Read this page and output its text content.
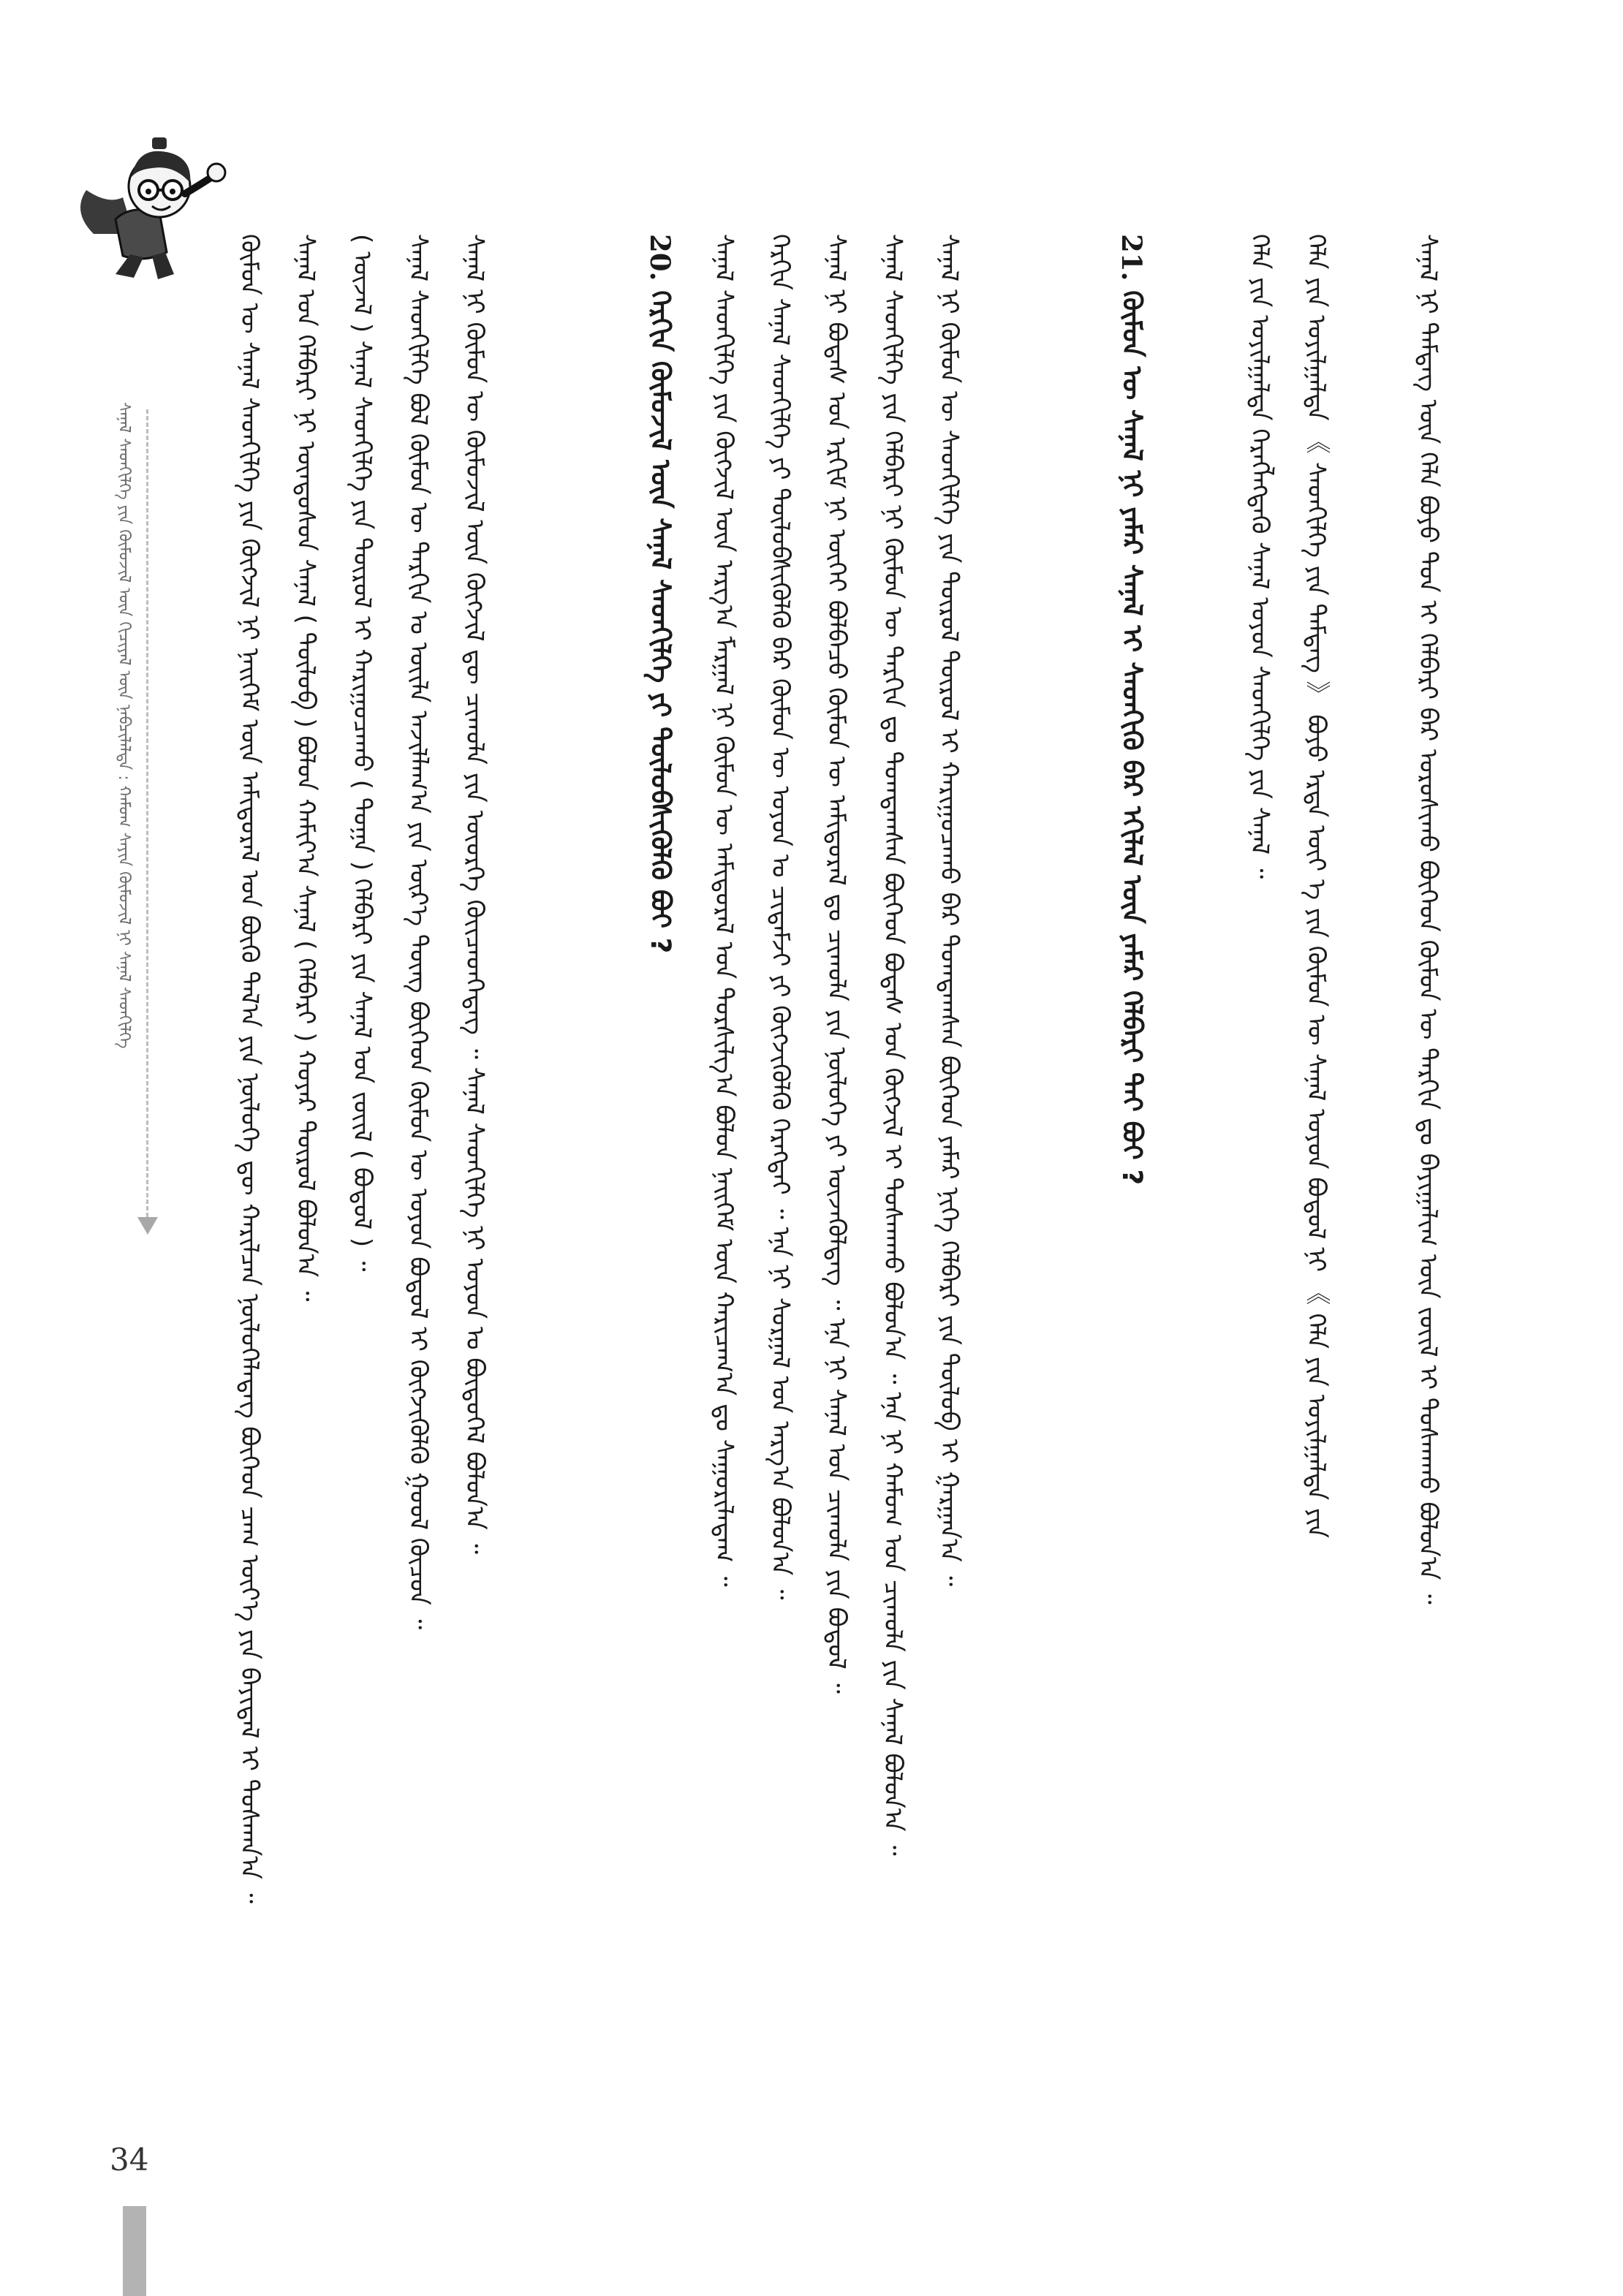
34
ᠰᠠᠨᠠᠯ ᠰᠡᠳᠬᠢᠯᠭᠡ ᠶᠢᠨ ᠬᠦᠮᠦᠵᠢᠯ ᠦᠨ ᠬᠢᠴᠢᠶᠡᠯ ᠦᠨ ᠨᠠᠪᠴᠢᠯᠠᠯᠲᠠ : ᠬᠠᠮᠤᠭ ᠰᠠᠶᠢᠨ ᠬᠦᠮᠦᠵᠢᠯ ᠨᠢ ᠰᠠᠨᠠᠯ ᠰᠡᠳᠬᠢᠯᠭᠡ	ᠬᠦᠮᠦᠨ ᠦ ᠰᠠᠨᠠᠯ ᠰᠡᠳᠬᠢᠯᠭᠡ ᠶᠢᠨ ᠬᠥᠭᠵᠢᠯ ᠨᠢ ᠨᠡᠢᠭᠡᠮ ᠦᠨ ᠠᠮᠢᠳᠤᠷᠠᠯ ᠤᠨ ᠪᠦᠬᠦ ᠲᠠᠯ᠎ᠠ ᠶᠢᠨ ᠨᠥᠯᠥᠭᠡ ᠳᠦ ᠬᠠᠷᠢᠯᠴᠠᠨ ᠨᠥᠯᠥᠭᠡᠯᠡᠳᠡᠭ ᠪᠥᠭᠡᠳ ᠴᠠᠭ ᠦᠶ᠎ᠡ ᠶᠢᠨ ᠪᠠᠶᠢᠳᠠᠯ ᠢ ᠲᠤᠰᠬᠠᠨ᠎ᠠ ᠃ ᠰᠠᠨᠠᠯ ᠤᠨ ᠬᠡᠯᠪᠡᠷᠢ ᠨᠢ ᠦᠨᠳᠦᠰᠦᠨ ᠰᠠᠨᠠᠯ ( ᠲᠥᠯᠥᠪ ) ᠪᠣᠯᠤᠨ ᠬᠠᠮᠢᠶ᠎ᠠ ᠰᠠᠨᠠᠯ ( ᠬᠡᠯᠪᠡᠷᠢ ) ᠬᠣᠶᠠᠷ ᠲᠥᠷᠥᠯ ᠪᠣᠯᠣᠨ᠎ᠠ ᠃ ( ᠦᠵᠡᠯ ) ᠰᠠᠨᠠᠯ ᠰᠡᠳᠬᠢᠯᠭᠡ ᠶᠢᠨ ᠲᠥᠷᠥᠯ ᠢ ᠬᠠᠷᠢᠭᠤᠴᠠᠬᠤ ( ᠲᠣᠭᠠ ) ᠬᠡᠯᠪᠡᠷᠢ ᠶᠢᠨ ᠰᠠᠨᠠᠯ ᠤᠨ ᠵᠦᠢᠯ ( ᠪᠣᠳᠣᠯ ) ᠃ ᠰᠠᠨᠠᠯ ᠰᠡᠳᠬᠢᠯᠭᠡ ᠪᠣᠯ ᠬᠦᠮᠦᠨ ᠦ ᠲᠠᠷᠬᠢᠨ ᠤ ᠦᠢᠯᠡ ᠠᠵᠢᠯᠯᠠᠭ᠎ᠠ ᠶᠢᠨ ᠦᠷ᠎ᠡ ᠳᠦᠩ ᠪᠥᠭᠡᠳ ᠬᠦᠮᠦᠨ ᠦ ᠣᠶᠤᠨ ᠪᠣᠳᠣᠯ ᠢ ᠬᠥᠭᠵᠢᠭᠦᠯᠬᠦ ᠭᠣᠣᠯ ᠬᠦᠴᠦᠨ ᠃ ᠰᠠᠨᠠᠯ ᠨᠢ ᠬᠦᠮᠦᠨ ᠦ ᠬᠦᠮᠦᠵᠢᠯ ᠦᠨ ᠬᠥᠭᠵᠢᠯ ᠳᠦ ᠴᠢᠬᠤᠯᠠ ᠶᠢᠨ ᠦᠦᠷᠭᠡ ᠭᠦᠢᠴᠡᠳᠭᠡᠳᠡᠭ ᠃ ᠰᠠᠨᠠᠯ ᠰᠡᠳᠬᠢᠯᠭᠡ ᠨᠢ ᠣᠶᠤᠨ ᠤ ᠪᠦᠲᠦᠭᠡᠯ ᠪᠣᠯᠣᠨ᠎ᠠ ᠃	20. ᠬᠡᠷᠬᠢᠨ ᠬᠦᠮᠦᠵᠢᠯ ᠦᠨ ᠰᠠᠨᠠᠯ ᠰᠡᠳᠬᠢᠯᠭᠡ ᠶᠢ ᠲᠥᠯᠥᠪᠰᠢᠭᠦᠯᠬᠦ ᠪᠤᠢ ? ᠰᠠᠨᠠᠯ ᠰᠡᠳᠬᠢᠯᠭᠡ ᠶᠢᠨ ᠬᠥᠭᠵᠢᠯ ᠦᠨ ᠠᠷᠭ᠎ᠠ ᠮᠠᠷᠭᠠᠯ ᠨᠢ ᠬᠦᠮᠦᠨ ᠦ ᠠᠮᠢᠳᠤᠷᠠᠯ ᠤᠨ ᠲᠤᠷᠰᠢᠯᠭ᠎ᠠ ᠪᠣᠯᠤᠨ ᠨᠡᠢᠭᠡᠮ ᠦᠨ ᠬᠠᠷᠢᠴᠠᠭ᠎ᠠ ᠳᠤ ᠰᠠᠭᠤᠷᠢᠯᠠᠳᠠᠭ ᠃ ᠬᠡᠷᠬᠢᠨ ᠰᠠᠨᠠᠯ ᠰᠡᠳᠬᠢᠯᠭᠡ ᠶᠢ ᠲᠥᠯᠥᠪᠰᠢᠭᠦᠯᠬᠦ ᠪᠡᠷ ᠬᠦᠮᠦᠨ ᠦ ᠣᠶᠤᠨ ᠤ ᠴᠢᠳᠠᠮᠵᠢ ᠶᠢ ᠬᠥᠭᠵᠢᠭᠦᠯᠬᠦ ᠬᠡᠷᠡᠭᠲᠡᠢ ᠃ ᠡᠨᠡ ᠨᠢ ᠰᠤᠷᠭᠠᠯ ᠤᠨ ᠠᠷᠭ᠎ᠠ ᠪᠣᠯᠣᠨ᠎ᠠ ᠃ ᠰᠠᠨᠠᠯ ᠨᠢ ᠪᠣᠳᠠᠰ ᠤᠨ ᠡᠷᠬᠢᠮ ᠨᠢ ᠦᠭᠡᠢ ᠪᠣᠯᠪᠠᠴᠤ ᠬᠦᠮᠦᠨ ᠦ ᠠᠮᠢᠳᠤᠷᠠᠯ ᠳᠤ ᠴᠢᠬᠤᠯᠠ ᠶᠢᠨ ᠨᠥᠯᠥᠭᠡ ᠶᠢ ᠦᠵᠡᠭᠦᠯᠳᠡᠭ ᠃ ᠡᠨᠡ ᠨᠢ ᠰᠠᠨᠠᠯ ᠤᠨ ᠴᠢᠬᠤᠯᠠ ᠶᠢᠨ ᠪᠣᠳᠣᠯ ᠃ ᠰᠠᠨᠠᠯ ᠰᠡᠳᠬᠢᠯᠭᠡ ᠶᠢᠨ ᠬᠡᠯᠪᠡᠷᠢ ᠨᠢ ᠬᠦᠮᠦᠨ ᠦ ᠲᠠᠷᠬᠢᠨ ᠳᠤ ᠲᠣᠭᠲᠠᠭᠰᠠᠨ ᠪᠥᠭᠡᠳ ᠪᠣᠳᠠᠰ ᠤᠨ ᠬᠥᠭᠵᠢᠯ ᠢ ᠲᠤᠰᠬᠠᠬᠤ ᠪᠣᠯᠣᠨ᠎ᠠ ᠃ ᠡᠨᠡ ᠨᠢ ᠬᠠᠮᠤᠭ ᠤᠨ ᠴᠢᠬᠤᠯᠠ ᠶᠢᠨ ᠰᠠᠨᠠᠯ ᠪᠣᠯᠣᠨ᠎ᠠ ᠃ ᠰᠠᠨᠠᠯ ᠨᠢ ᠬᠦᠮᠦᠨ ᠦ ᠰᠡᠳᠬᠢᠯᠭᠡ ᠶᠢᠨ ᠲᠥᠷᠥᠯ ᠲᠦᠷᠦᠯ ᠢ ᠬᠠᠷᠢᠭᠤᠴᠠᠬᠤ ᠪᠡᠷ ᠲᠣᠭᠲᠠᠭᠰᠠᠨ ᠪᠥᠭᠡᠳ ᠶᠠᠮᠠᠷ ᠨᠢᠭᠡ ᠬᠡᠯᠪᠡᠷᠢ ᠶᠢᠨ ᠲᠥᠯᠥᠪ ᠢ ᠭᠠᠷᠭᠠᠨ᠎ᠠ ᠃	21. ᠬᠦᠮᠦᠨ ᠦ ᠰᠠᠨᠠᠯ ᠨᠢ ᠶᠠᠮᠠᠷ ᠰᠠᠨᠠᠯ ᠢ ᠰᠡᠳᠬᠢᠬᠦ ᠪᠡᠷ ᠡᠬᠢᠯᠡᠯ ᠦᠨ ᠶᠠᠮᠠᠷ ᠬᠡᠯᠪᠡᠷᠢ ᠲᠠᠢ ᠪᠤᠢ ?	ᠬᠡᠯᠡ ᠶᠢᠨ ᠣᠶᠢᠯᠭᠠᠯᠲᠠ ᠬᠡᠷᠡᠭᠯᠡᠭᠳᠡᠬᠦ ᠰᠠᠨᠠᠯ ᠣᠶᠤᠨ ᠰᠡᠳᠬᠢᠯᠭᠡ ᠶᠢᠨ ᠰᠠᠨᠠᠯ ᠃ ᠬᠡᠯᠡ ᠶᠢᠨ ᠣᠶᠢᠯᠭᠠᠯᠲᠠ 《 ᠰᠡᠳᠬᠢᠯᠭᠡ ᠶᠢᠨ ᠲᠡᠮᠳᠡᠭ 》 ᠪᠤᠶᠤ ᠡᠷᠲᠡ ᠦᠶ ᠡ ᠶᠢᠨ ᠬᠦᠮᠦᠨ ᠦ ᠰᠠᠨᠠᠯ ᠣᠶᠤᠨ ᠪᠣᠳᠣᠯ ᠨᠢ 《 ᠬᠡᠯᠡ ᠶᠢᠨ ᠣᠶᠢᠯᠭᠠᠯᠲᠠ ᠶᠢᠨ	ᠰᠠᠨᠠᠯ ᠨᠢ ᠲᠡᠮᠳᠡᠭ ᠦᠨ ᠬᠡᠯᠡ ᠪᠤᠶᠤ ᠳᠤᠨ ᠢ ᠬᠡᠯᠪᠡᠷᠢ ᠪᠡᠷ ᠣᠷᠣᠰᠢᠬᠤ ᠪᠥᠭᠡᠳ ᠬᠦᠮᠦᠨ ᠦ ᠲᠠᠷᠬᠢᠨ ᠳᠤ ᠪᠠᠶᠢᠭᠠᠯᠢᠭ ᠦᠨ ᠵᠦᠢᠯ ᠢ ᠲᠤᠰᠬᠠᠬᠤ ᠪᠣᠯᠣᠨ᠎ᠠ ᠃
